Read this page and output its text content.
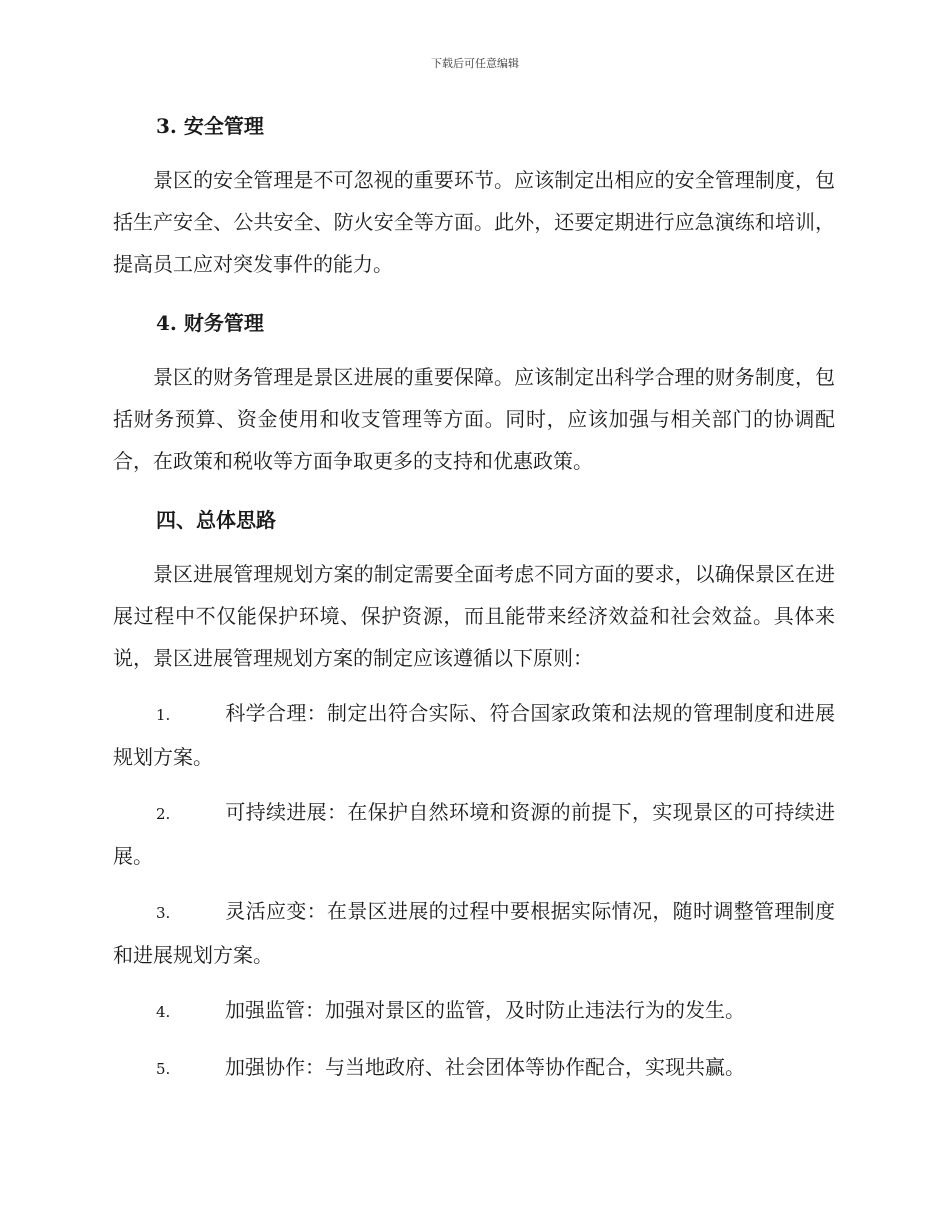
下载后可任意编辑
3. 安全管理

景区的安全管理是不可忽视的重要环节。应该制定出相应的安全管理制度，包括生产安全、公共安全、防火安全等方面。此外，还要定期进行应急演练和培训，提高员工应对突发事件的能力。

4. 财务管理

景区的财务管理是景区进展的重要保障。应该制定出科学合理的财务制度，包括财务预算、资金使用和收支管理等方面。同时，应该加强与相关部门的协调配合，在政策和税收等方面争取更多的支持和优惠政策。

四、总体思路

景区进展管理规划方案的制定需要全面考虑不同方面的要求，以确保景区在进展过程中不仅能保护环境、保护资源，而且能带来经济效益和社会效益。具体来说，景区进展管理规划方案的制定应该遵循以下原则：

1.	科学合理：制定出符合实际、符合国家政策和法规的管理制度和进展规划方案。
2.	可持续进展：在保护自然环境和资源的前提下，实现景区的可持续进展。
3.	灵活应变：在景区进展的过程中要根据实际情况，随时调整管理制度和进展规划方案。
4.	加强监管：加强对景区的监管，及时防止违法行为的发生。
5.	加强协作：与当地政府、社会团体等协作配合，实现共赢。
